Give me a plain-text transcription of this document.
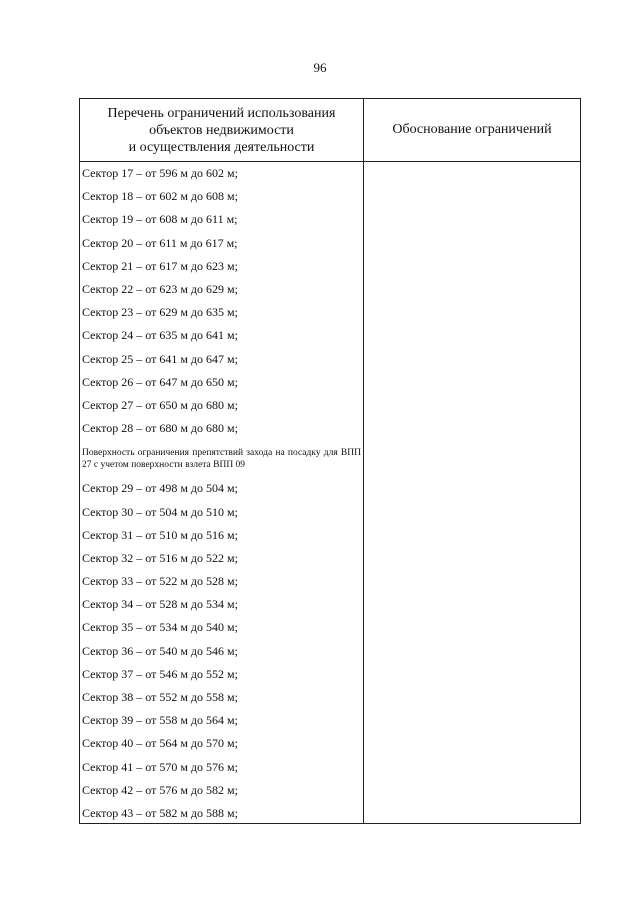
96
Перечень ограничений использования
объектов недвижимости
и осуществления деятельности
Обоснование ограничений
Сектор 17 – от 596 м до 602 м;
Сектор 18 – от 602 м до 608 м;
Сектор 19 – от 608 м до 611 м;
Сектор 20 – от 611 м до 617 м;
Сектор 21 – от 617 м до 623 м;
Сектор 22 – от 623 м до 629 м;
Сектор 23 – от 629 м до 635 м;
Сектор 24 – от 635 м до 641 м;
Сектор 25 – от 641 м до 647 м;
Сектор 26 – от 647 м до 650 м;
Сектор 27 – от 650 м до 680 м;
Сектор 28 – от 680 м до 680 м;
Поверхность ограничения препятствий захода на посадку для ВПП 27 с учетом поверхности взлета ВПП 09
Сектор 29 – от 498 м до 504 м;
Сектор 30 – от 504 м до 510 м;
Сектор 31 – от 510 м до 516 м;
Сектор 32 – от 516 м до 522 м;
Сектор 33 – от 522 м до 528 м;
Сектор 34 – от 528 м до 534 м;
Сектор 35 – от 534 м до 540 м;
Сектор 36 – от 540 м до 546 м;
Сектор 37 – от 546 м до 552 м;
Сектор 38 – от 552 м до 558 м;
Сектор 39 – от 558 м до 564 м;
Сектор 40 – от 564 м до 570 м;
Сектор 41 – от 570 м до 576 м;
Сектор 42 – от 576 м до 582 м;
Сектор 43 – от 582 м до 588 м;
